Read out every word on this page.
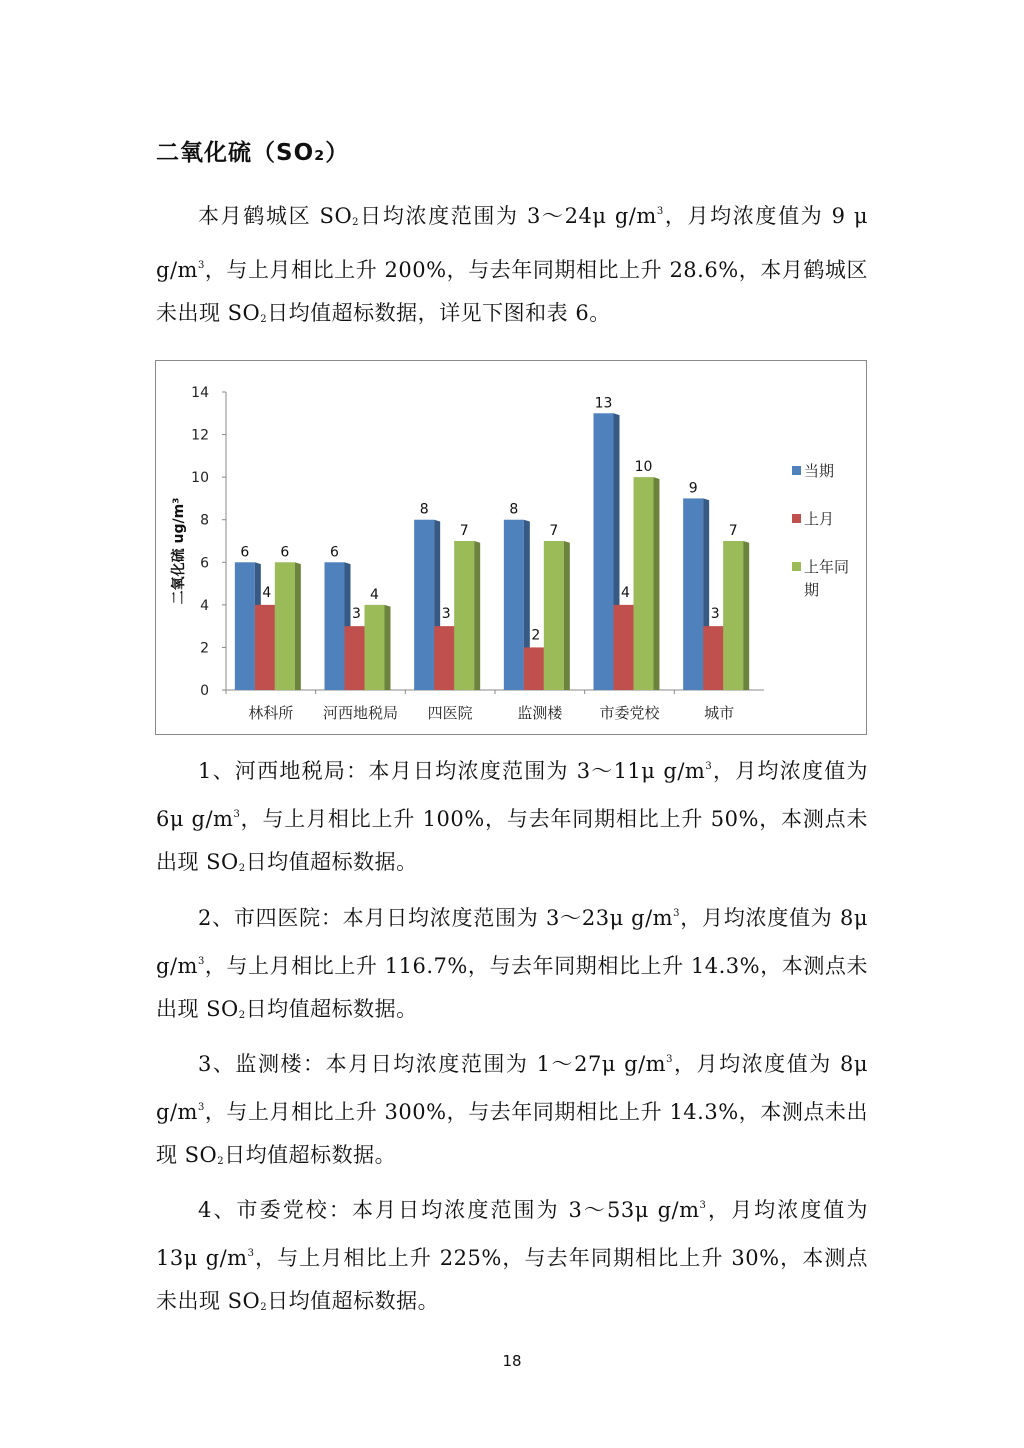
二氧化硫（SO₂）

本月鹤城区 $SO_2$日均浓度范围为 3～24μ $g/m^3$，月均浓度值为 9 μ $g/m^3$，与上月相比上升 200%，与去年同期相比上升 28.6%，本月鹤城区未出现 $SO_2$日均值超标数据，详见下图和表 6。

二氧化硫 ug/m³
0
2
4
6
8
10
12
14
林科所 河西地税局 四医院	监测楼 市委党校	城市
6
4
6	6
3
4
8
3
7
8
2
7
13
4
10
9
3
7
当期
上月
上年同
期

1、河西地税局：本月日均浓度范围为 3～11μ $g/m^3$，月均浓度值为 6μ $g/m^3$，与上月相比上升 100%，与去年同期相比上升 50%，本测点未出现 $SO_2$日均值超标数据。

2、市四医院：本月日均浓度范围为 3～23μ $g/m^3$，月均浓度值为 8μ $g/m^3$，与上月相比上升 116.7%，与去年同期相比上升 14.3%，本测点未出现 $SO_2$日均值超标数据。

3、监测楼：本月日均浓度范围为 1～27μ $g/m^3$，月均浓度值为 8μ $g/m^3$，与上月相比上升 300%，与去年同期相比上升 14.3%，本测点未出现 $SO_2$日均值超标数据。

4、市委党校：本月日均浓度范围为 3～53μ $g/m^3$，月均浓度值为 13μ $g/m^3$，与上月相比上升 225%，与去年同期相比上升 30%，本测点未出现 $SO_2$日均值超标数据。

18
